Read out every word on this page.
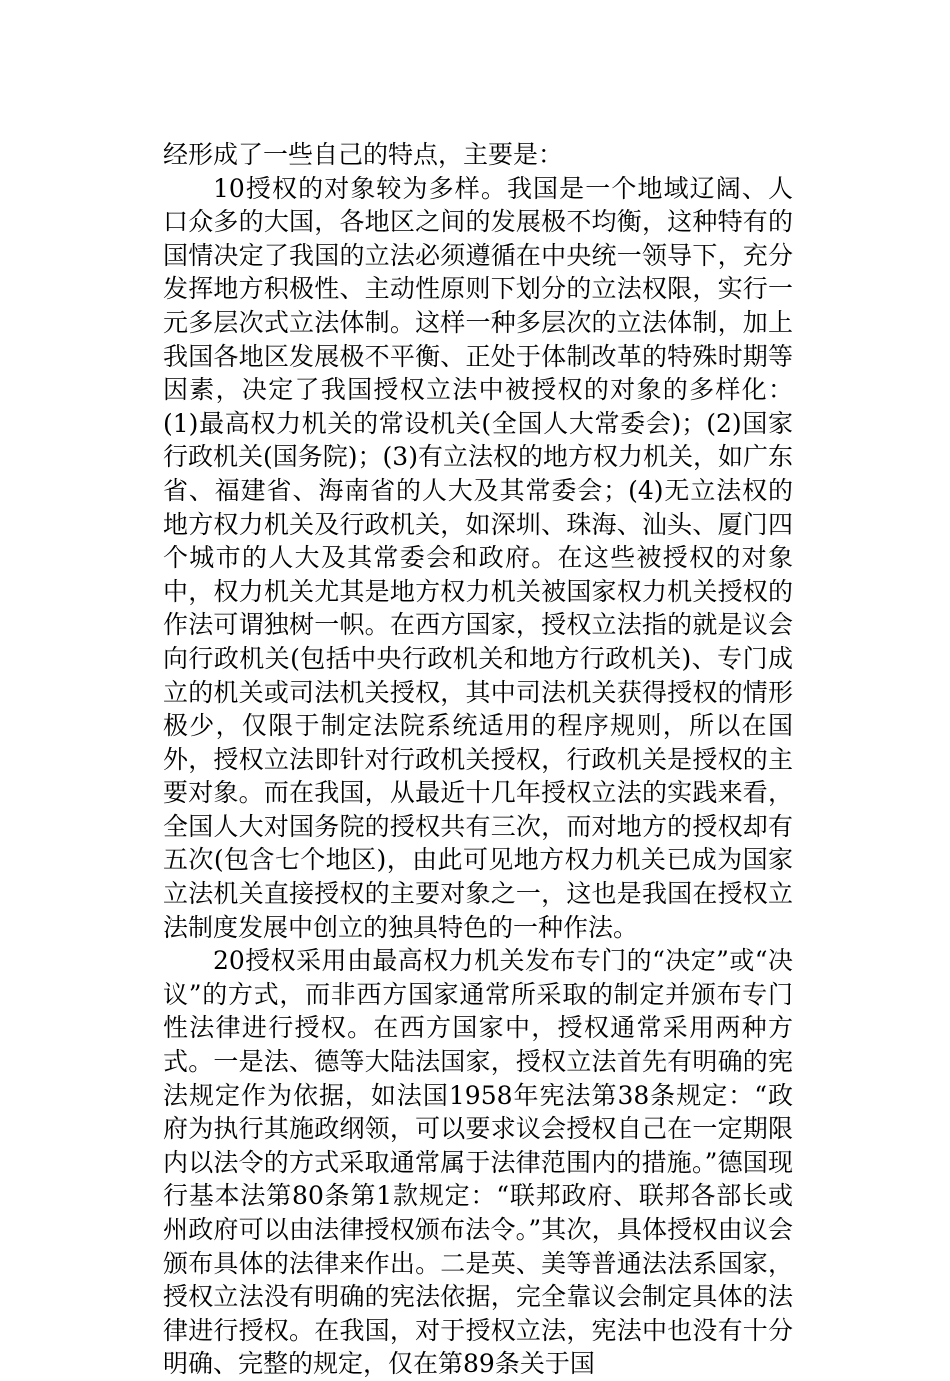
经形成了一些自己的特点，主要是：

10授权的对象较为多样。我国是一个地域辽阔、人口众多的大国，各地区之间的发展极不均衡，这种特有的国情决定了我国的立法必须遵循在中央统一领导下，充分发挥地方积极性、主动性原则下划分的立法权限，实行一元多层次式立法体制。这样一种多层次的立法体制，加上我国各地区发展极不平衡、正处于体制改革的特殊时期等因素，决定了我国授权立法中被授权的对象的多样化：(1)最高权力机关的常设机关(全国人大常委会)；(2)国家行政机关(国务院)；(3)有立法权的地方权力机关，如广东省、福建省、海南省的人大及其常委会；(4)无立法权的地方权力机关及行政机关，如深圳、珠海、汕头、厦门四个城市的人大及其常委会和政府。在这些被授权的对象中，权力机关尤其是地方权力机关被国家权力机关授权的作法可谓独树一帜。在西方国家，授权立法指的就是议会向行政机关(包括中央行政机关和地方行政机关)、专门成立的机关或司法机关授权，其中司法机关获得授权的情形极少，仅限于制定法院系统适用的程序规则，所以在国外，授权立法即针对行政机关授权，行政机关是授权的主要对象。而在我国，从最近十几年授权立法的实践来看，全国人大对国务院的授权共有三次，而对地方的授权却有五次(包含七个地区)，由此可见地方权力机关已成为国家立法机关直接授权的主要对象之一，这也是我国在授权立法制度发展中创立的独具特色的一种作法。

20授权采用由最高权力机关发布专门的“决定”或“决议”的方式，而非西方国家通常所采取的制定并颁布专门性法律进行授权。在西方国家中，授权通常采用两种方式。一是法、德等大陆法国家，授权立法首先有明确的宪法规定作为依据，如法国1958年宪法第38条规定：“政府为执行其施政纲领，可以要求议会授权自己在一定期限内以法令的方式采取通常属于法律范围内的措施。”德国现行基本法第80条第1款规定：“联邦政府、联邦各部长或州政府可以由法律授权颁布法令。”其次，具体授权由议会颁布具体的法律来作出。二是英、美等普通法法系国家，授权立法没有明确的宪法依据，完全靠议会制定具体的法律进行授权。在我国，对于授权立法，宪法中也没有十分明确、完整的规定，仅在第89条关于国
